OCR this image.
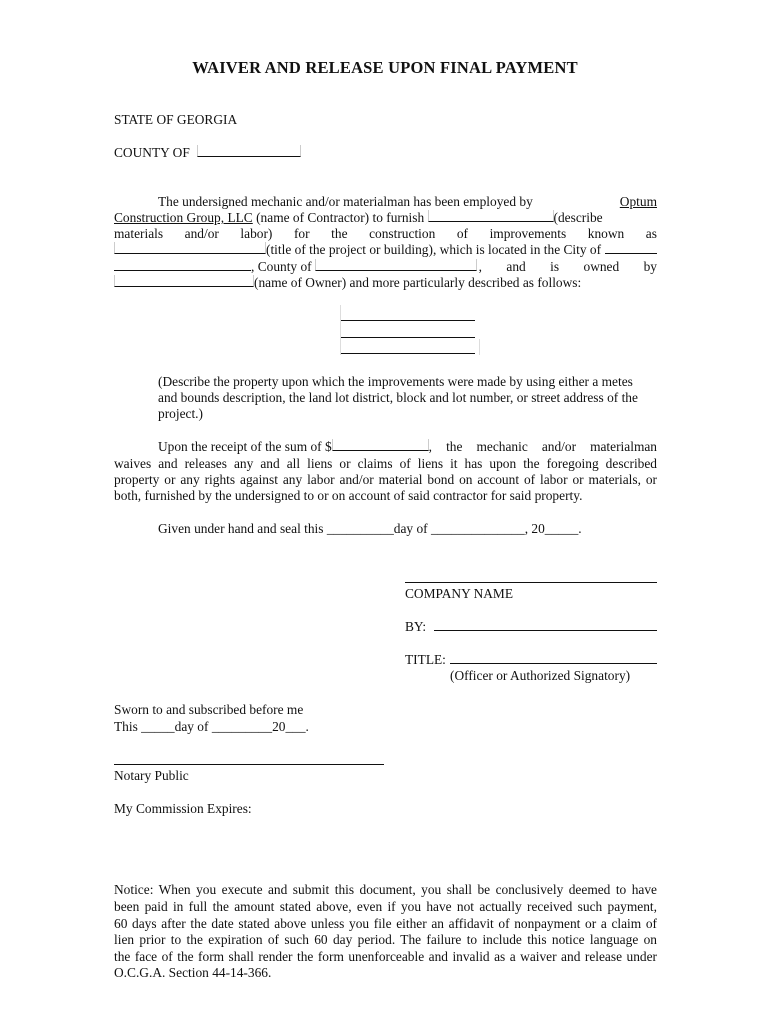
WAIVER AND RELEASE UPON FINAL PAYMENT
STATE OF GEORGIA
COUNTY OF
The undersigned mechanic and/or materialman has been employed by	Optum
Construction Group, LLC (name of Contractor) to furnish	(describe
materials and/or labor) for the construction of improvements known as
(title of the project or building), which is located in the City of
, County of	, and is owned by
(name of Owner) and more particularly described as follows:
(Describe the property upon which the improvements were made by using either a metes
and bounds description, the land lot district, block and lot number, or street address of the
project.)
Upon the receipt of the sum of $	, the mechanic and/or materialman
waives and releases any and all liens or claims of liens it has upon the foregoing described
property or any rights against any labor and/or material bond on account of labor or materials, or
both, furnished by the undersigned to or on account of said contractor for said property.
Given under hand and seal this __________day of ______________, 20_____.
COMPANY NAME
BY:
TITLE:
(Officer or Authorized Signatory)
Sworn to and subscribed before me
This _____day of _________20___.
Notary Public
My Commission Expires:
Notice: When you execute and submit this document, you shall be conclusively deemed to have
been paid in full the amount stated above, even if you have not actually received such payment,
60 days after the date stated above unless you file either an affidavit of nonpayment or a claim of
lien prior to the expiration of such 60 day period. The failure to include this notice language on
the face of the form shall render the form unenforceable and invalid as a waiver and release under
O.C.G.A. Section 44-14-366.
